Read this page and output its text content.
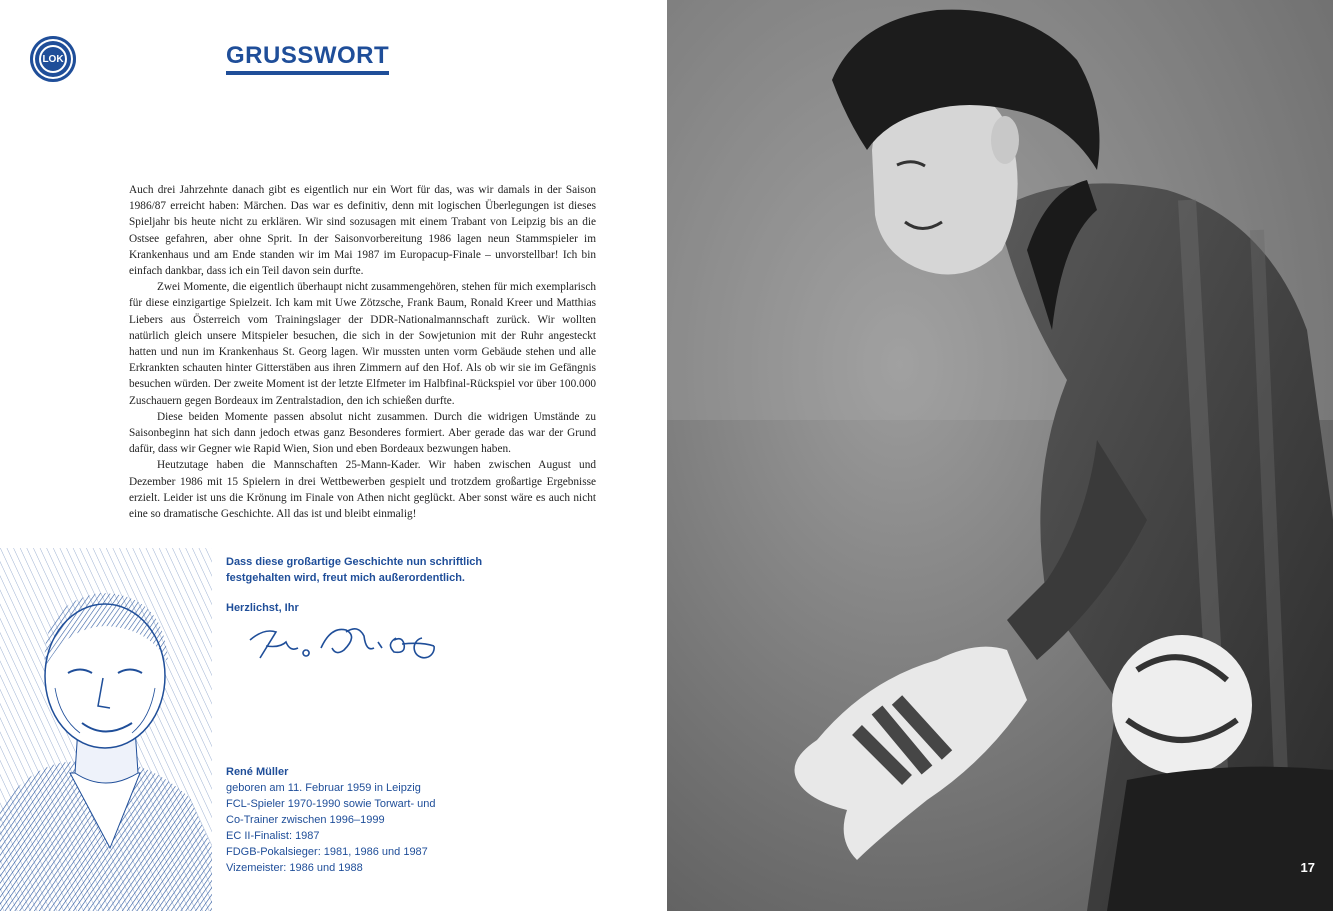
LOK	GRUSSWORT

Auch drei Jahrzehnte danach gibt es eigentlich nur ein Wort für das, was wir damals in der Saison 1986/87 erreicht haben: Märchen. Das war es definitiv, denn mit logischen Überlegungen ist dieses Spieljahr bis heute nicht zu erklären. Wir sind sozusagen mit einem Trabant von Leipzig bis an die Ostsee gefahren, aber ohne Sprit. In der Saisonvorbereitung 1986 lagen neun Stammspieler im Krankenhaus und am Ende standen wir im Mai 1987 im Europacup-Finale – unvorstellbar! Ich bin einfach dankbar, dass ich ein Teil davon sein durfte.

Zwei Momente, die eigentlich überhaupt nicht zusammengehören, stehen für mich exemplarisch für diese einzigartige Spielzeit. Ich kam mit Uwe Zötzsche, Frank Baum, Ronald Kreer und Matthias Liebers aus Österreich vom Trainingslager der DDR-Nationalmannschaft zurück. Wir wollten natürlich gleich unsere Mitspieler besuchen, die sich in der Sowjetunion mit der Ruhr angesteckt hatten und nun im Krankenhaus St. Georg lagen. Wir mussten unten vorm Gebäude stehen und alle Erkrankten schauten hinter Gitterstäben aus ihren Zimmern auf den Hof. Als ob wir sie im Gefängnis besuchen würden. Der zweite Moment ist der letzte Elfmeter im Halbfinal-Rückspiel vor über 100.000 Zuschauern gegen Bordeaux im Zentralstadion, den ich schießen durfte.

Diese beiden Momente passen absolut nicht zusammen. Durch die widrigen Umstände zu Saisonbeginn hat sich dann jedoch etwas ganz Besonderes formiert. Aber gerade das war der Grund dafür, dass wir Gegner wie Rapid Wien, Sion und eben Bordeaux bezwungen haben.

Heutzutage haben die Mannschaften 25-Mann-Kader. Wir haben zwischen August und Dezember 1986 mit 15 Spielern in drei Wettbewerben gespielt und trotzdem großartige Ergebnisse erzielt. Leider ist uns die Krönung im Finale von Athen nicht geglückt. Aber sonst wäre es auch nicht eine so dramatische Geschichte. All das ist und bleibt einmalig!

Dass diese großartige Geschichte nun schriftlich festgehalten wird, freut mich außerordentlich.
Herzlichst, Ihr
René Müller
geboren am 11. Februar 1959 in Leipzig
FCL-Spieler 1970-1990 sowie Torwart- und
Co-Trainer zwischen 1996–1999
EC II-Finalist: 1987
FDGB-Pokalsieger: 1981, 1986 und 1987
Vizemeister: 1986 und 1988	17
